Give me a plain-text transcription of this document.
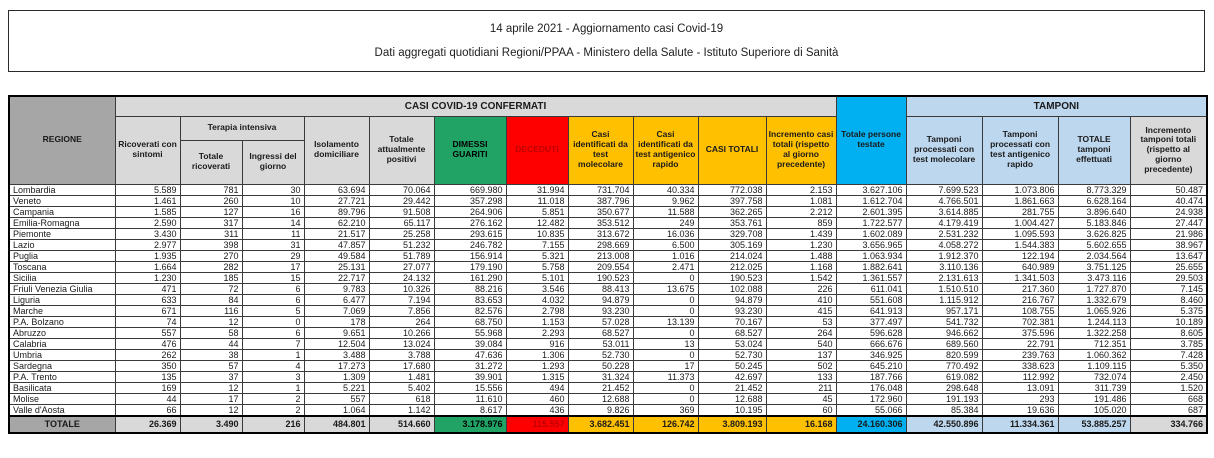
14 aprile 2021 - Aggiornamento casi Covid-19
Dati aggregati quotidiani Regioni/PPAA - Ministero della Salute - Istituto Superiore di Sanità
REGIONE	CASI COVID-19 CONFERMATI											Totale persone testate	TAMPONI			
	Ricoverati con sintomi	Terapia intensiva		Isolamento domiciliare	Totale attualmente positivi	DIMESSI GUARITI	DECEDUTI	Casi identificati da test molecolare	Casi identificati da test antigenico rapido	CASI TOTALI	Incremento casi totali (rispetto al giorno precedente)		Tamponi processati con test molecolare	Tamponi processati con test antigenico rapido	TOTALE tamponi effettuati	Incremento tamponi totali (rispetto al giorno precedente)
		Totale ricoverati	Ingressi del giorno													
Lombardia	5.589	781	30	63.694	70.064	669.980	31.994	731.704	40.334	772.038	2.153	3.627.106	7.699.523	1.073.806	8.773.329	50.487
Veneto	1.461	260	10	27.721	29.442	357.298	11.018	387.796	9.962	397.758	1.081	1.612.704	4.766.501	1.861.663	6.628.164	40.474
Campania	1.585	127	16	89.796	91.508	264.906	5.851	350.677	11.588	362.265	2.212	2.601.395	3.614.885	281.755	3.896.640	24.938
Emilia-Romagna	2.590	317	14	62.210	65.117	276.162	12.482	353.512	249	353.761	859	1.722.577	4.179.419	1.004.427	5.183.846	27.447
Piemonte	3.430	311	11	21.517	25.258	293.615	10.835	313.672	16.036	329.708	1.439	1.602.089	2.531.232	1.095.593	3.626.825	21.986
Lazio	2.977	398	31	47.857	51.232	246.782	7.155	298.669	6.500	305.169	1.230	3.656.965	4.058.272	1.544.383	5.602.655	38.967
Puglia	1.935	270	29	49.584	51.789	156.914	5.321	213.008	1.016	214.024	1.488	1.063.934	1.912.370	122.194	2.034.564	13.647
Toscana	1.664	282	17	25.131	27.077	179.190	5.758	209.554	2.471	212.025	1.168	1.882.641	3.110.136	640.989	3.751.125	25.655
Sicilia	1.230	185	15	22.717	24.132	161.290	5.101	190.523	0	190.523	1.542	1.361.557	2.131.613	1.341.503	3.473.116	29.503
Friuli Venezia Giulia	471	72	6	9.783	10.326	88.216	3.546	88.413	13.675	102.088	226	611.041	1.510.510	217.360	1.727.870	7.145
Liguria	633	84	6	6.477	7.194	83.653	4.032	94.879	0	94.879	410	551.608	1.115.912	216.767	1.332.679	8.460
Marche	671	116	5	7.069	7.856	82.576	2.798	93.230	0	93.230	415	641.913	957.171	108.755	1.065.926	5.375
P.A. Bolzano	74	12	0	178	264	68.750	1.153	57.028	13.139	70.167	53	377.497	541.732	702.381	1.244.113	10.189
Abruzzo	557	58	6	9.651	10.266	55.968	2.293	68.527	0	68.527	264	596.628	946.662	375.596	1.322.258	8.605
Calabria	476	44	7	12.504	13.024	39.084	916	53.011	13	53.024	540	666.676	689.560	22.791	712.351	3.785
Umbria	262	38	1	3.488	3.788	47.636	1.306	52.730	0	52.730	137	346.925	820.599	239.763	1.060.362	7.428
Sardegna	350	57	4	17.273	17.680	31.272	1.293	50.228	17	50.245	502	645.210	770.492	338.623	1.109.115	5.350
P.A. Trento	135	37	3	1.309	1.481	39.901	1.315	31.324	11.373	42.697	133	187.766	619.082	112.992	732.074	2.450
Basilicata	169	12	1	5.221	5.402	15.556	494	21.452	0	21.452	211	176.048	298.648	13.091	311.739	1.520
Molise	44	17	2	557	618	11.610	460	12.688	0	12.688	45	172.960	191.193	293	191.486	668
Valle d'Aosta	66	12	2	1.064	1.142	8.617	436	9.826	369	10.195	60	55.066	85.384	19.636	105.020	687
TOTALE	26.369	3.490	216	484.801	514.660	3.178.976	115.557	3.682.451	126.742	3.809.193	16.168	24.160.306	42.550.896	11.334.361	53.885.257	334.766
